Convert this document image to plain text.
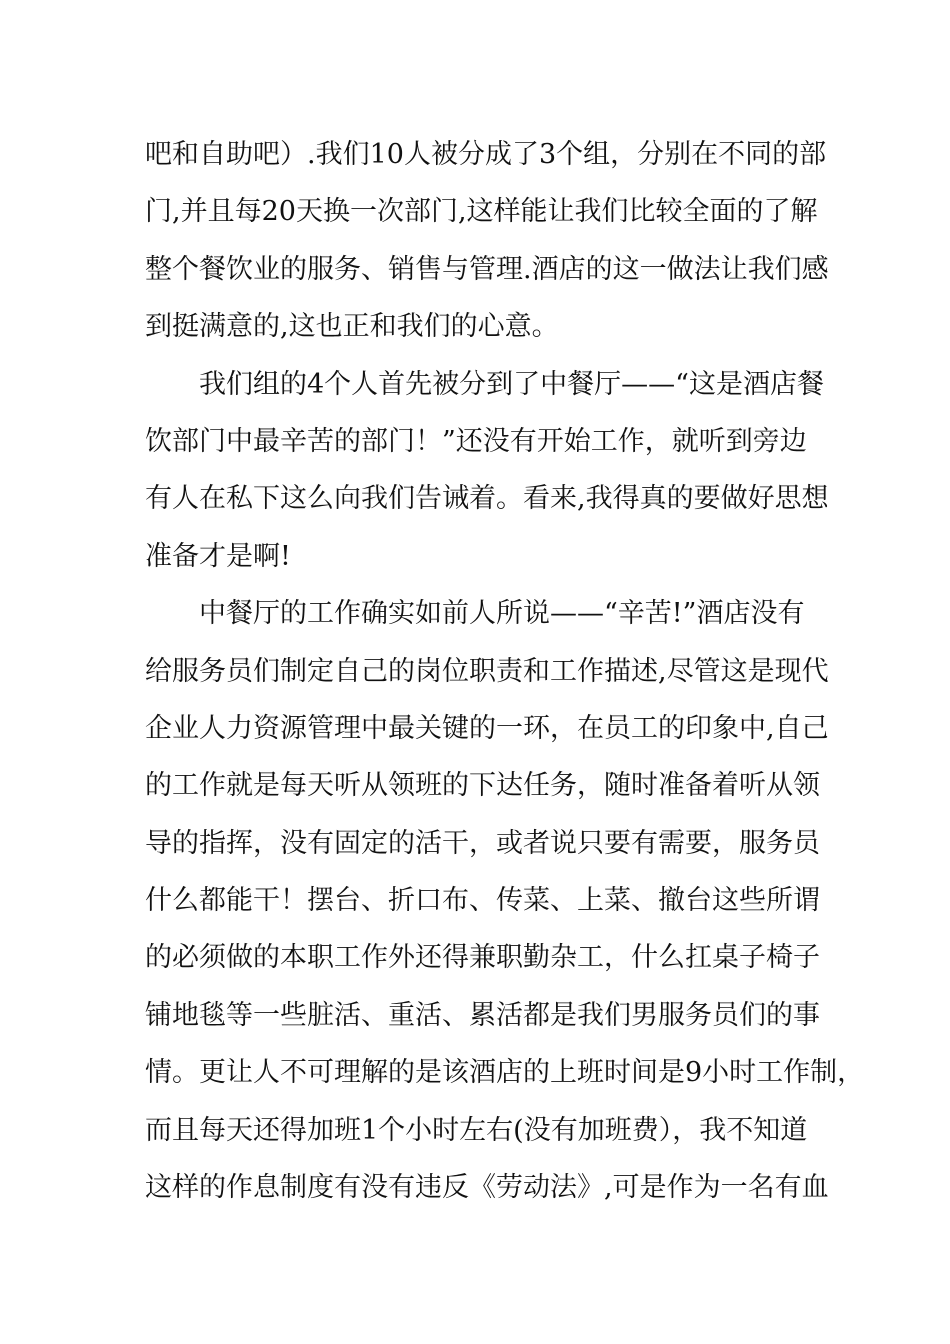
吧和自助吧）.我们10人被分成了3个组，分别在不同的部
门,并且每20天换一次部门,这样能让我们比较全面的了解
整个餐饮业的服务、销售与管理.酒店的这一做法让我们感
到挺满意的,这也正和我们的心意。
我们组的4个人首先被分到了中餐厅——“这是酒店餐
饮部门中最辛苦的部门！”还没有开始工作，就听到旁边
有人在私下这么向我们告诫着。看来,我得真的要做好思想
准备才是啊!
中餐厅的工作确实如前人所说——“辛苦!”酒店没有
给服务员们制定自己的岗位职责和工作描述,尽管这是现代
企业人力资源管理中最关键的一环，在员工的印象中,自己
的工作就是每天听从领班的下达任务，随时准备着听从领
导的指挥，没有固定的活干，或者说只要有需要，服务员
什么都能干！摆台、折口布、传菜、上菜、撤台这些所谓
的必须做的本职工作外还得兼职勤杂工，什么扛桌子椅子
铺地毯等一些脏活、重活、累活都是我们男服务员们的事
情。更让人不可理解的是该酒店的上班时间是9小时工作制，
而且每天还得加班1个小时左右(没有加班费），我不知道
这样的作息制度有没有违反《劳动法》,可是作为一名有血
